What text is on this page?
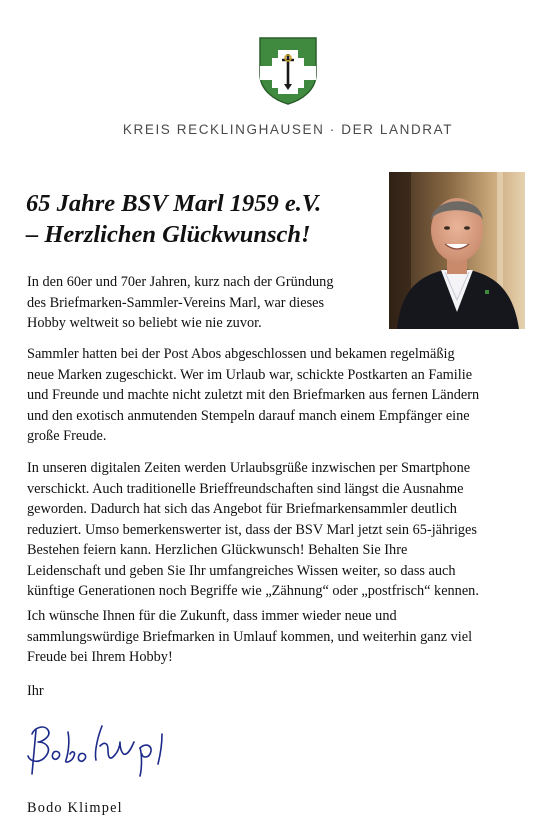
KREIS RECKLINGHAUSEN · DER LANDRAT
65 Jahre BSV Marl 1959 e.V.
– Herzlichen Glückwunsch!

In den 60er und 70er Jahren, kurz nach der Gründung
des Briefmarken-Sammler-Vereins Marl, war dieses
Hobby weltweit so beliebt wie nie zuvor.

Sammler hatten bei der Post Abos abgeschlossen und bekamen regelmäßig
neue Marken zugeschickt. Wer im Urlaub war, schickte Postkarten an Familie
und Freunde und machte nicht zuletzt mit den Briefmarken aus fernen Ländern
und den exotisch anmutenden Stempeln darauf manch einem Empfänger eine
große Freude.

In unseren digitalen Zeiten werden Urlaubsgrüße inzwischen per Smartphone
verschickt. Auch traditionelle Brieffreundschaften sind längst die Ausnahme
geworden. Dadurch hat sich das Angebot für Briefmarkensammler deutlich
reduziert. Umso bemerkenswerter ist, dass der BSV Marl jetzt sein 65-jähriges
Bestehen feiern kann. Herzlichen Glückwunsch! Behalten Sie Ihre
Leidenschaft und geben Sie Ihr umfangreiches Wissen weiter, so dass auch
künftige Generationen noch Begriffe wie „Zähnung“ oder „postfrisch“ kennen.

Ich wünsche Ihnen für die Zukunft, dass immer wieder neue und
sammlungswürdige Briefmarken in Umlauf kommen, und weiterhin ganz viel
Freude bei Ihrem Hobby!

Ihr

Bodo Klimpel
